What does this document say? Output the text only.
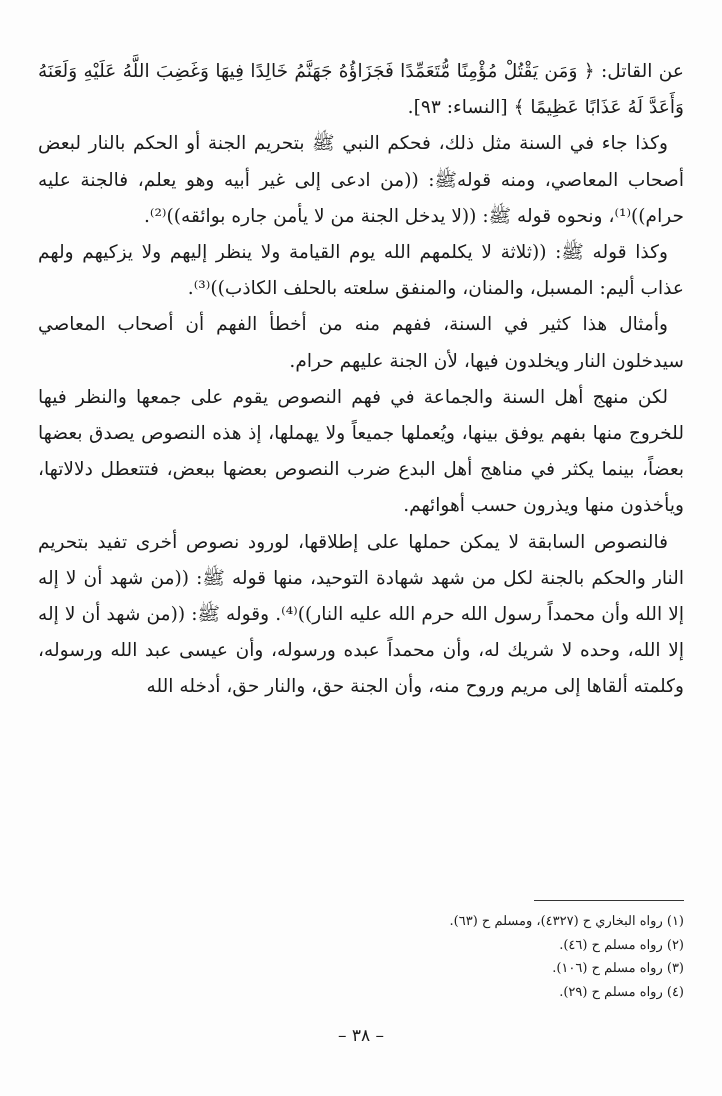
عن القاتل: ﴿ وَمَن يَقْتُلْ مُؤْمِنًا مُّتَعَمِّدًا فَجَزَاؤُهُ جَهَنَّمُ خَالِدًا فِيهَا وَغَضِبَ اللَّهُ عَلَيْهِ وَلَعَنَهُ وَأَعَدَّ لَهُ عَذَابًا عَظِيمًا ﴾ [النساء: ٩٣].

وكذا جاء في السنة مثل ذلك، فحكم النبي ﷺ بتحريم الجنة أو الحكم بالنار لبعض أصحاب المعاصي، ومنه قولهﷺ: ((من ادعى إلى غير أبيه وهو يعلم، فالجنة عليه حرام))⁽¹⁾، ونحوه قوله ﷺ: ((لا يدخل الجنة من لا يأمن جاره بوائقه))⁽²⁾.

وكذا قوله ﷺ: ((ثلاثة لا يكلمهم الله يوم القيامة ولا ينظر إليهم ولا يزكيهم ولهم عذاب أليم: المسبل، والمنان، والمنفق سلعته بالحلف الكاذب))⁽³⁾.

وأمثال هذا كثير في السنة، ففهم منه من أخطأ الفهم أن أصحاب المعاصي سيدخلون النار ويخلدون فيها، لأن الجنة عليهم حرام.

لكن منهج أهل السنة والجماعة في فهم النصوص يقوم على جمعها والنظر فيها للخروج منها بفهم يوفق بينها، ويُعملها جميعاً ولا يهملها، إذ هذه النصوص يصدق بعضها بعضاً، بينما يكثر في مناهج أهل البدع ضرب النصوص بعضها ببعض، فتتعطل دلالاتها، ويأخذون منها ويذرون حسب أهوائهم.

فالنصوص السابقة لا يمكن حملها على إطلاقها، لورود نصوص أخرى تفيد بتحريم النار والحكم بالجنة لكل من شهد شهادة التوحيد، منها قوله ﷺ: ((من شهد أن لا إله إلا الله وأن محمداً رسول الله حرم الله عليه النار))⁽⁴⁾. وقوله ﷺ: ((من شهد أن لا إله إلا الله، وحده لا شريك له، وأن محمداً عبده ورسوله، وأن عيسى عبد الله ورسوله، وكلمته ألقاها إلى مريم وروح منه، وأن الجنة حق، والنار حق، أدخله الله

(١) رواه البخاري ح (٤٣٢٧)، ومسلم ح (٦٣).
(٢) رواه مسلم ح (٤٦).
(٣) رواه مسلم ح (١٠٦).
(٤) رواه مسلم ح (٢٩).
– ٣٨ –
